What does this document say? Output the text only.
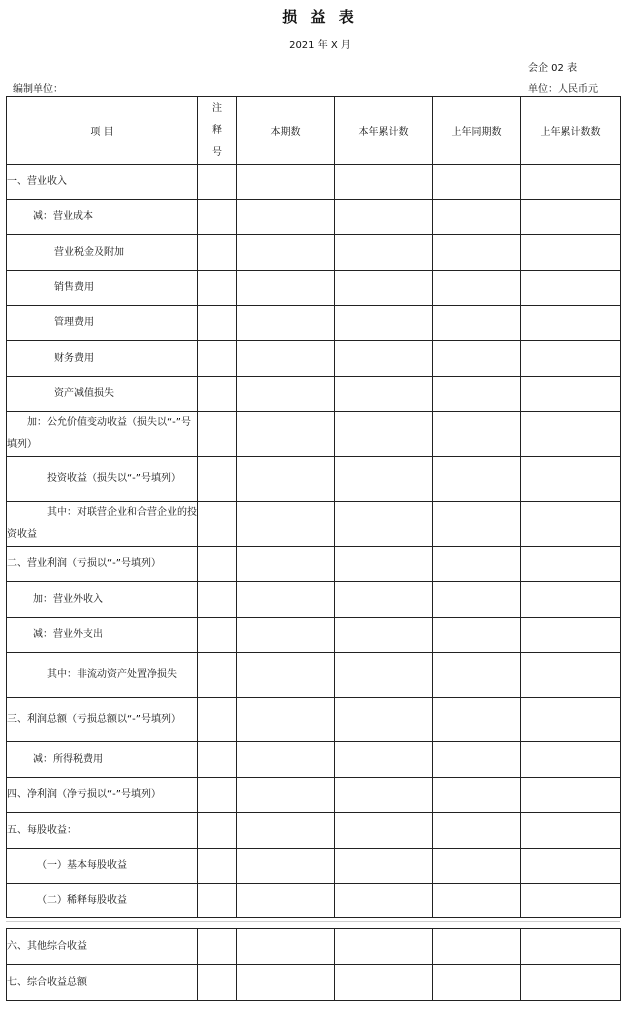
损 益 表
2021 年 X 月
会企 02 表
编制单位：	单位：人民币元
项 目	注
释
号	本期数	本年累计数	上年同期数	上年累计数数
一、营业收入					
减：营业成本					
营业税金及附加					
销售费用					
管理费用					
财务费用					
资产减值损失					
加：公允价值变动收益（损失以“-”号填列）					
投资收益（损失以“-”号填列）					
其中：对联营企业和合营企业的投资收益					
二、营业利润（亏损以“-”号填列）					
加：营业外收入					
减：营业外支出					
其中：非流动资产处置净损失					
三、利润总额（亏损总额以“-”号填列）					
减：所得税费用					
四、净利润（净亏损以“-”号填列）					
五、每股收益：					
（一）基本每股收益					
（二）稀释每股收益					
六、其他综合收益					
七、综合收益总额					
